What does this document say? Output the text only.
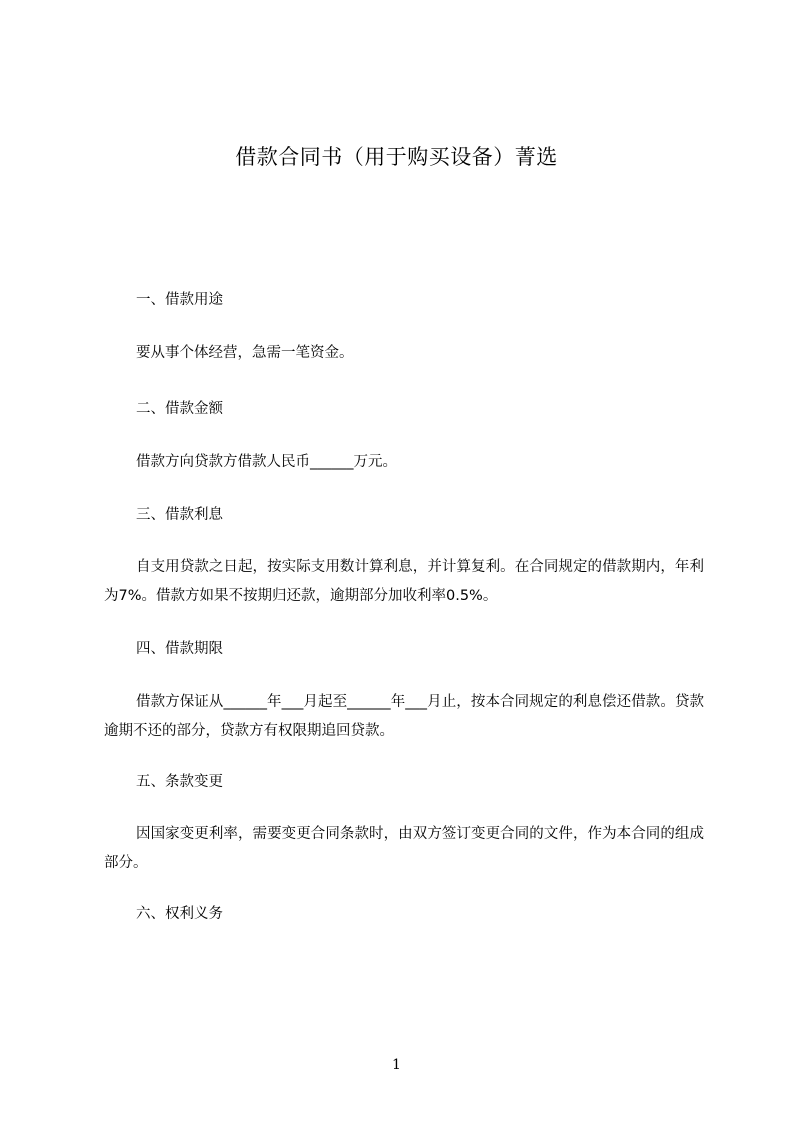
借款合同书（用于购买设备）菁选
一、借款用途
要从事个体经营，急需一笔资金。
二、借款金额
借款方向贷款方借款人民币______万元。
三、借款利息
自支用贷款之日起，按实际支用数计算利息，并计算复利。在合同规定的借款期内，年利为7%。借款方如果不按期归还款，逾期部分加收利率0.5%。
四、借款期限
借款方保证从______年___月起至______年___月止，按本合同规定的利息偿还借款。贷款逾期不还的部分，贷款方有权限期追回贷款。
五、条款变更
因国家变更利率，需要变更合同条款时，由双方签订变更合同的文件，作为本合同的组成部分。
六、权利义务
1
